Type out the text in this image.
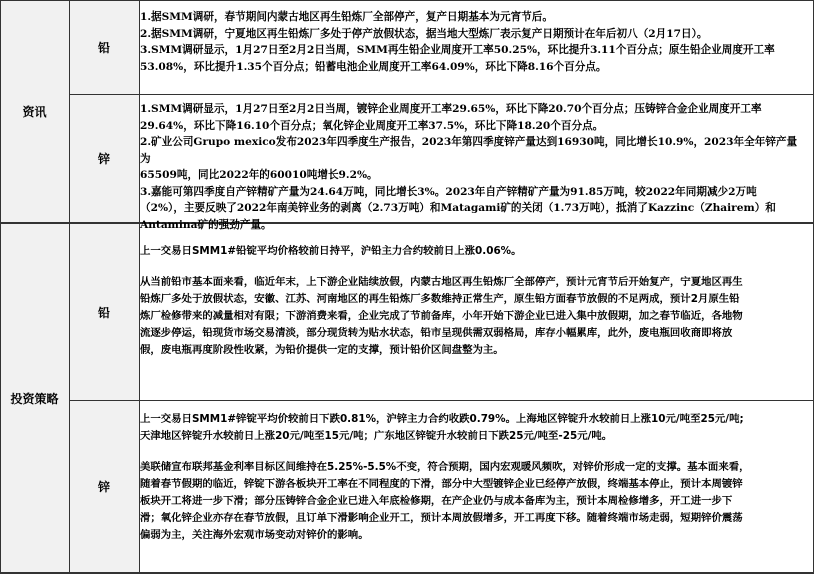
资讯
投资策略
铅
锌
铅
锌

1.据SMM调研，春节期间内蒙古地区再生铅炼厂全部停产，复产日期基本为元宵节后。

2.据SMM调研，宁夏地区再生铅炼厂多处于停产放假状态，据当地大型炼厂表示复产日期预计在年后初八（2月17日）。

3.SMM调研显示，1月27日至2月2日当周，SMM再生铅企业周度开工率50.25%，环比提升3.11个百分点；原生铅企业周度开工率

53.08%，环比提升1.35个百分点；铅蓄电池企业周度开工率64.09%，环比下降8.16个百分点。

1.SMM调研显示，1月27日至2月2日当周，镀锌企业周度开工率29.65%，环比下降20.70个百分点；压铸锌合金企业周度开工率

29.64%，环比下降16.10个百分点；氧化锌企业周度开工率37.5%，环比下降18.20个百分点。

2.矿业公司Grupo mexico发布2023年四季度生产报告，2023年第四季度锌产量达到16930吨，同比增长10.9%，2023年全年锌产量为

65509吨，同比2022年的60010吨增长9.2%。

3.嘉能可第四季度自产锌精矿产量为24.64万吨，同比增长3%。2023年自产锌精矿产量为91.85万吨，较2022年同期减少2万吨

（2%），主要反映了2022年南美锌业务的剥离（2.73万吨）和Matagami矿的关闭（1.73万吨），抵消了Kazzinc（Zhairem）和

Antamina矿的强劲产量。

上一交易日SMM1#铅锭平均价格较前日持平，沪铅主力合约较前日上涨0.06%。

从当前铅市基本面来看，临近年末，上下游企业陆续放假，内蒙古地区再生铅炼厂全部停产，预计元宵节后开始复产，宁夏地区再生

铅炼厂多处于放假状态，安徽、江苏、河南地区的再生铅炼厂多数维持正常生产，原生铅方面春节放假的不足两成，预计2月原生铅

炼厂检修带来的减量相对有限；下游消费来看，企业完成了节前备库，小年开始下游企业已进入集中放假期，加之春节临近，各地物

流逐步停运，铅现货市场交易清淡，部分现货转为贴水状态，铅市呈现供需双弱格局，库存小幅累库，此外，废电瓶回收商即将放

假，废电瓶再度阶段性收紧，为铅价提供一定的支撑，预计铅价区间盘整为主。

上一交易日SMM1#锌锭平均价较前日下跌0.81%，沪锌主力合约收跌0.79%。上海地区锌锭升水较前日上涨10元/吨至25元/吨;

天津地区锌锭升水较前日上涨20元/吨至15元/吨；广东地区锌锭升水较前日下跌25元/吨至-25元/吨。

美联储宣布联邦基金利率目标区间维持在5.25%-5.5%不变，符合预期，国内宏观暖风频吹，对锌价形成一定的支撑。基本面来看，

随着春节假期的临近，锌锭下游各板块开工率在不同程度的下滑，部分中大型镀锌企业已经停产放假，终端基本停止，预计本周镀锌

板块开工将进一步下滑；部分压铸锌合金企业已进入年底检修期，在产企业仍与成本备库为主，预计本周检修增多，开工进一步下

滑；氧化锌企业亦存在春节放假，且订单下滑影响企业开工，预计本周放假增多，开工再度下移。随着终端市场走弱，短期锌价震荡

偏弱为主，关注海外宏观市场变动对锌价的影响。
